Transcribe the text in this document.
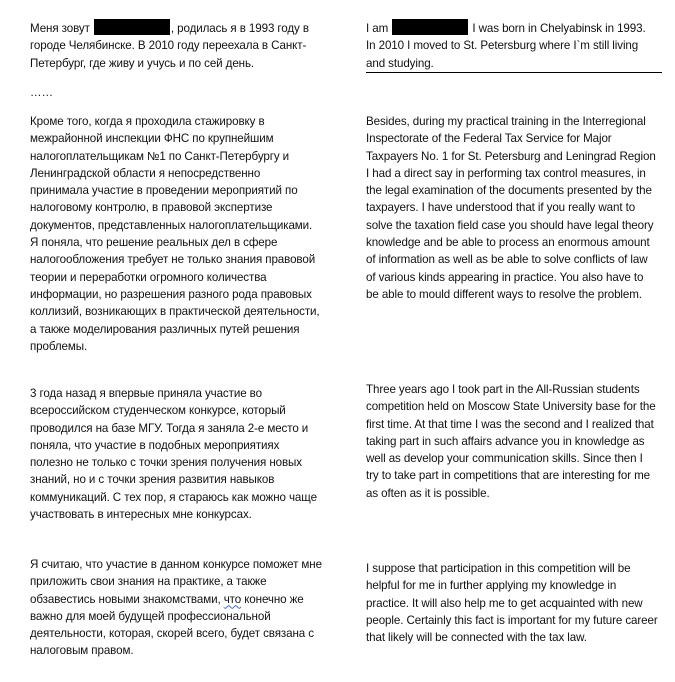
Меня зовут	, родилась я в 1993 году в городе Челябинске. В 2010 году переехала в Санкт-Петербург, где живу и учусь и по сей день.

……

Кроме того, когда я проходила стажировку в межрайонной инспекции ФНС по крупнейшим налогоплательщикам №1 по Санкт-Петербургу и Ленинградской области я непосредственно принимала участие в проведении мероприятий по налоговому контролю, в правовой экспертизе документов, представленных налогоплательщиками. Я поняла, что решение реальных дел в сфере налогообложения требует не только знания правовой теории и переработки огромного количества информации, но разрешения разного рода правовых коллизий, возникающих в практической деятельности, а также моделирования различных путей решения проблемы.

3 года назад я впервые приняла участие во всероссийском студенческом конкурсе, который проводился на базе МГУ. Тогда я заняла 2-е место и поняла, что участие в подобных мероприятиях полезно не только с точки зрения получения новых знаний, но и с точки зрения развития навыков коммуникаций. С тех пор, я стараюсь как можно чаще участвовать в интересных мне конкурсах.

Я считаю, что участие в данном конкурсе поможет мне приложить свои знания на практике, а также обзавестись новыми знакомствами, что конечно же важно для моей будущей профессиональной деятельности, которая, скорей всего, будет связана с налоговым правом.

I am	I was born in Chelyabinsk in 1993. In 2010 I moved to St. Petersburg where I`m still living and studying.

Besides, during my practical training in the Interregional Inspectorate of the Federal Tax Service for Major Taxpayers No. 1 for St. Petersburg and Leningrad Region I had a direct say in performing tax control measures, in the legal examination of the documents presented by the taxpayers. I have understood that if you really want to solve the taxation field case you should have legal theory knowledge and be able to process an enormous amount of information as well as be able to solve conflicts of law of various kinds appearing in practice. You also have to be able to mould different ways to resolve the problem.

Three years ago I took part in the All-Russian students competition held on Moscow State University base for the first time. At that time I was the second and I realized that taking part in such affairs advance you in knowledge as well as develop your communication skills. Since then I try to take part in competitions that are interesting for me as often as it is possible.

I suppose that participation in this competition will be helpful for me in further applying my knowledge in practice. It will also help me to get acquainted with new people. Certainly this fact is important for my future career that likely will be connected with the tax law.
